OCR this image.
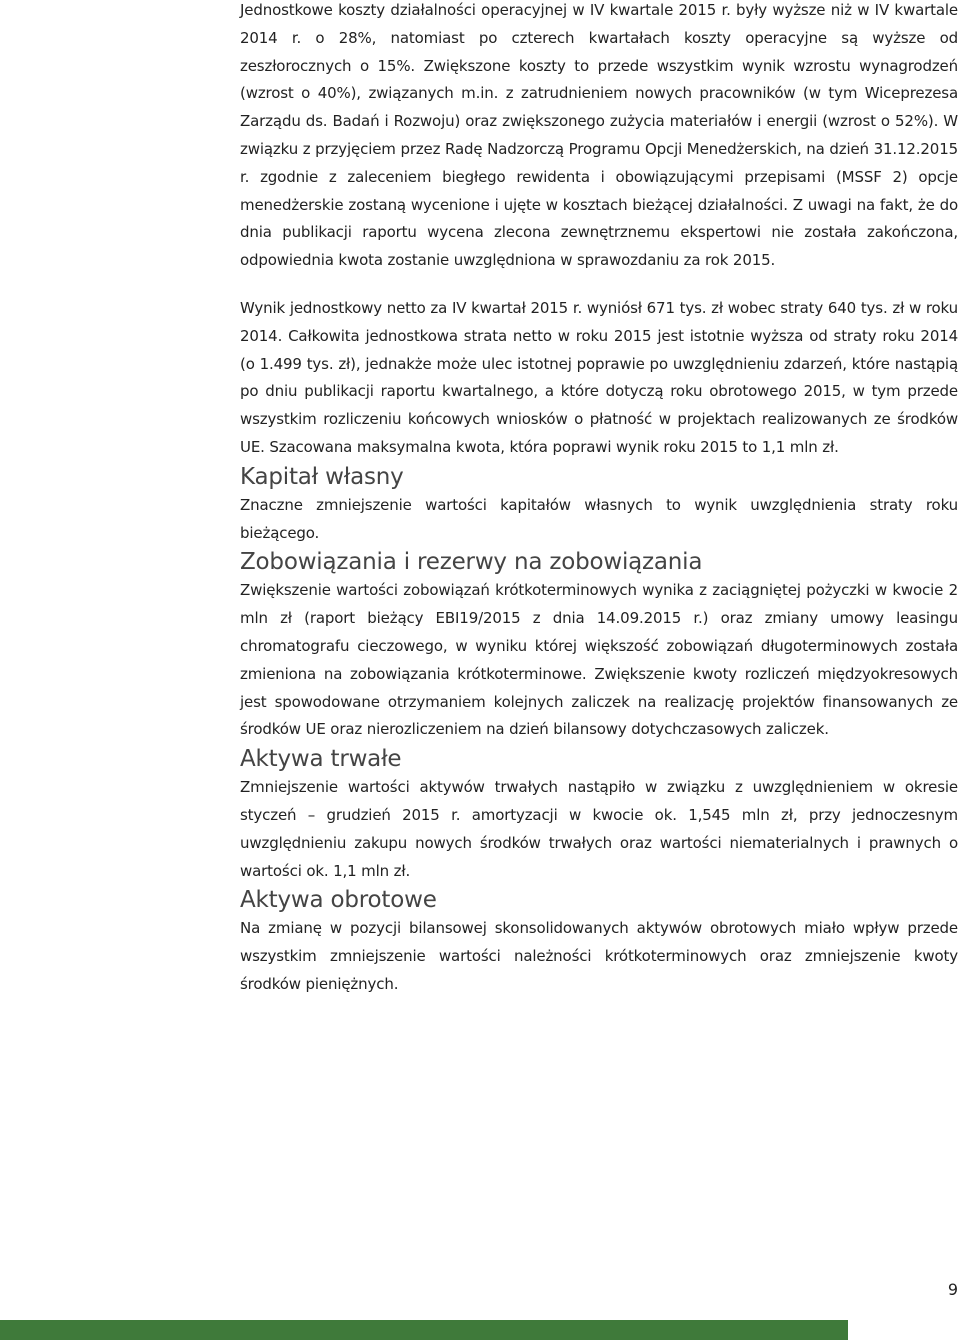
Jednostkowe koszty działalności operacyjnej w IV kwartale 2015 r. były wyższe niż w IV kwartale 2014 r. o 28%, natomiast po czterech kwartałach koszty operacyjne są wyższe od zeszłorocznych o 15%. Zwiększone koszty to przede wszystkim wynik wzrostu wynagrodzeń (wzrost o 40%), związanych m.in. z zatrudnieniem nowych pracowników (w tym Wiceprezesa Zarządu ds. Badań i Rozwoju) oraz zwiększonego zużycia materiałów i energii (wzrost o 52%). W związku z przyjęciem przez Radę Nadzorczą Programu Opcji Menedżerskich, na dzień 31.12.2015 r. zgodnie z zaleceniem biegłego rewidenta i obowiązującymi przepisami (MSSF 2) opcje menedżerskie zostaną wycenione i ujęte w kosztach bieżącej działalności. Z uwagi na fakt, że do dnia publikacji raportu wycena zlecona zewnętrznemu ekspertowi nie została zakończona, odpowiednia kwota zostanie uwzględniona w sprawozdaniu za rok 2015.

Wynik jednostkowy netto za IV kwartał 2015 r. wyniósł 671 tys. zł wobec straty 640 tys. zł w roku 2014. Całkowita jednostkowa strata netto w roku 2015 jest istotnie wyższa od straty roku 2014 (o 1.499 tys. zł), jednakże może ulec istotnej poprawie po uwzględnieniu zdarzeń, które nastąpią po dniu publikacji raportu kwartalnego, a które dotyczą roku obrotowego 2015, w tym przede wszystkim rozliczeniu końcowych wniosków o płatność w projektach realizowanych ze środków UE. Szacowana maksymalna kwota, która poprawi wynik roku 2015 to 1,1 mln zł.

Kapitał własny

Znaczne zmniejszenie wartości kapitałów własnych to wynik uwzględnienia straty roku bieżącego.

Zobowiązania i rezerwy na zobowiązania

Zwiększenie wartości zobowiązań krótkoterminowych wynika z zaciągniętej pożyczki w kwocie 2 mln zł (raport bieżący EBI19/2015 z dnia 14.09.2015 r.) oraz zmiany umowy leasingu chromatografu cieczowego, w wyniku której większość zobowiązań długoterminowych została zmieniona na zobowiązania krótkoterminowe. Zwiększenie kwoty rozliczeń międzyokresowych jest spowodowane otrzymaniem kolejnych zaliczek na realizację projektów finansowanych ze środków UE oraz nierozliczeniem na dzień bilansowy dotychczasowych zaliczek.

Aktywa trwałe

Zmniejszenie wartości aktywów trwałych nastąpiło w związku z uwzględnieniem w okresie styczeń – grudzień 2015 r. amortyzacji w kwocie ok. 1,545 mln zł, przy jednoczesnym uwzględnieniu zakupu nowych środków trwałych oraz wartości niematerialnych i prawnych o wartości ok. 1,1 mln zł.

Aktywa obrotowe

Na zmianę w pozycji bilansowej skonsolidowanych aktywów obrotowych miało wpływ przede wszystkim zmniejszenie wartości należności krótkoterminowych oraz zmniejszenie kwoty środków pieniężnych.

9
